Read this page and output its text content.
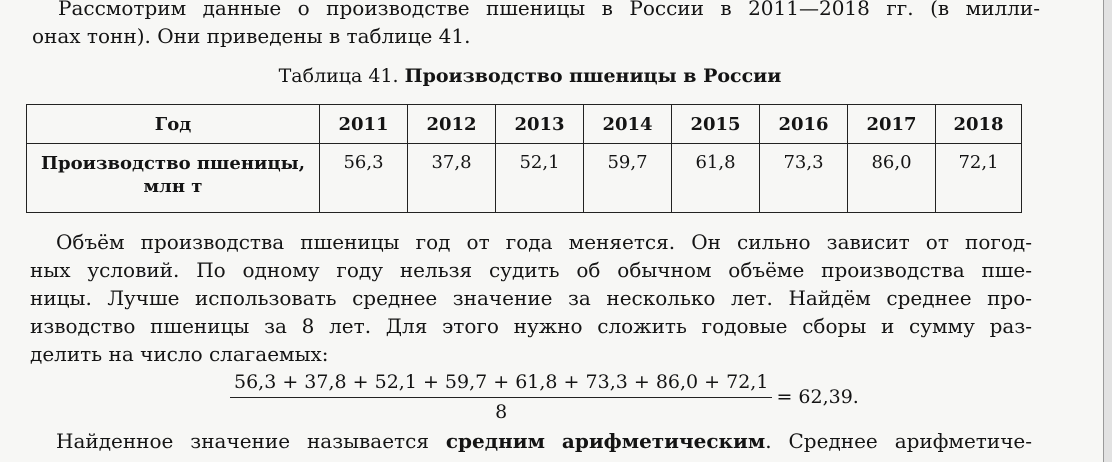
Рассмотрим данные о производстве пшеницы в России в 2011—2018 гг. (в милли-
онах тонн). Они приведены в таблице 41.
Таблица 41. Производство пшеницы в России
Год	2011	2012	2013	2014	2015	2016	2017	2018
Производство пшеницы,
млн т	56,3	37,8	52,1	59,7	61,8	73,3	86,0	72,1
Объём производства пшеницы год от года меняется. Он сильно зависит от погод-
ных условий. По одному году нельзя судить об обычном объёме производства пше-
ницы. Лучше использовать среднее значение за несколько лет. Найдём среднее про-
изводство пшеницы за 8 лет. Для этого нужно сложить годовые сборы и сумму раз-
делить на число слагаемых:
$\frac{56,3 + 37,8 + 52,1 + 59,7 + 61,8 + 73,3 + 86,0 + 72,1}{8} = 62,39$.
Найденное значение называется средним арифметическим. Среднее арифметиче-
